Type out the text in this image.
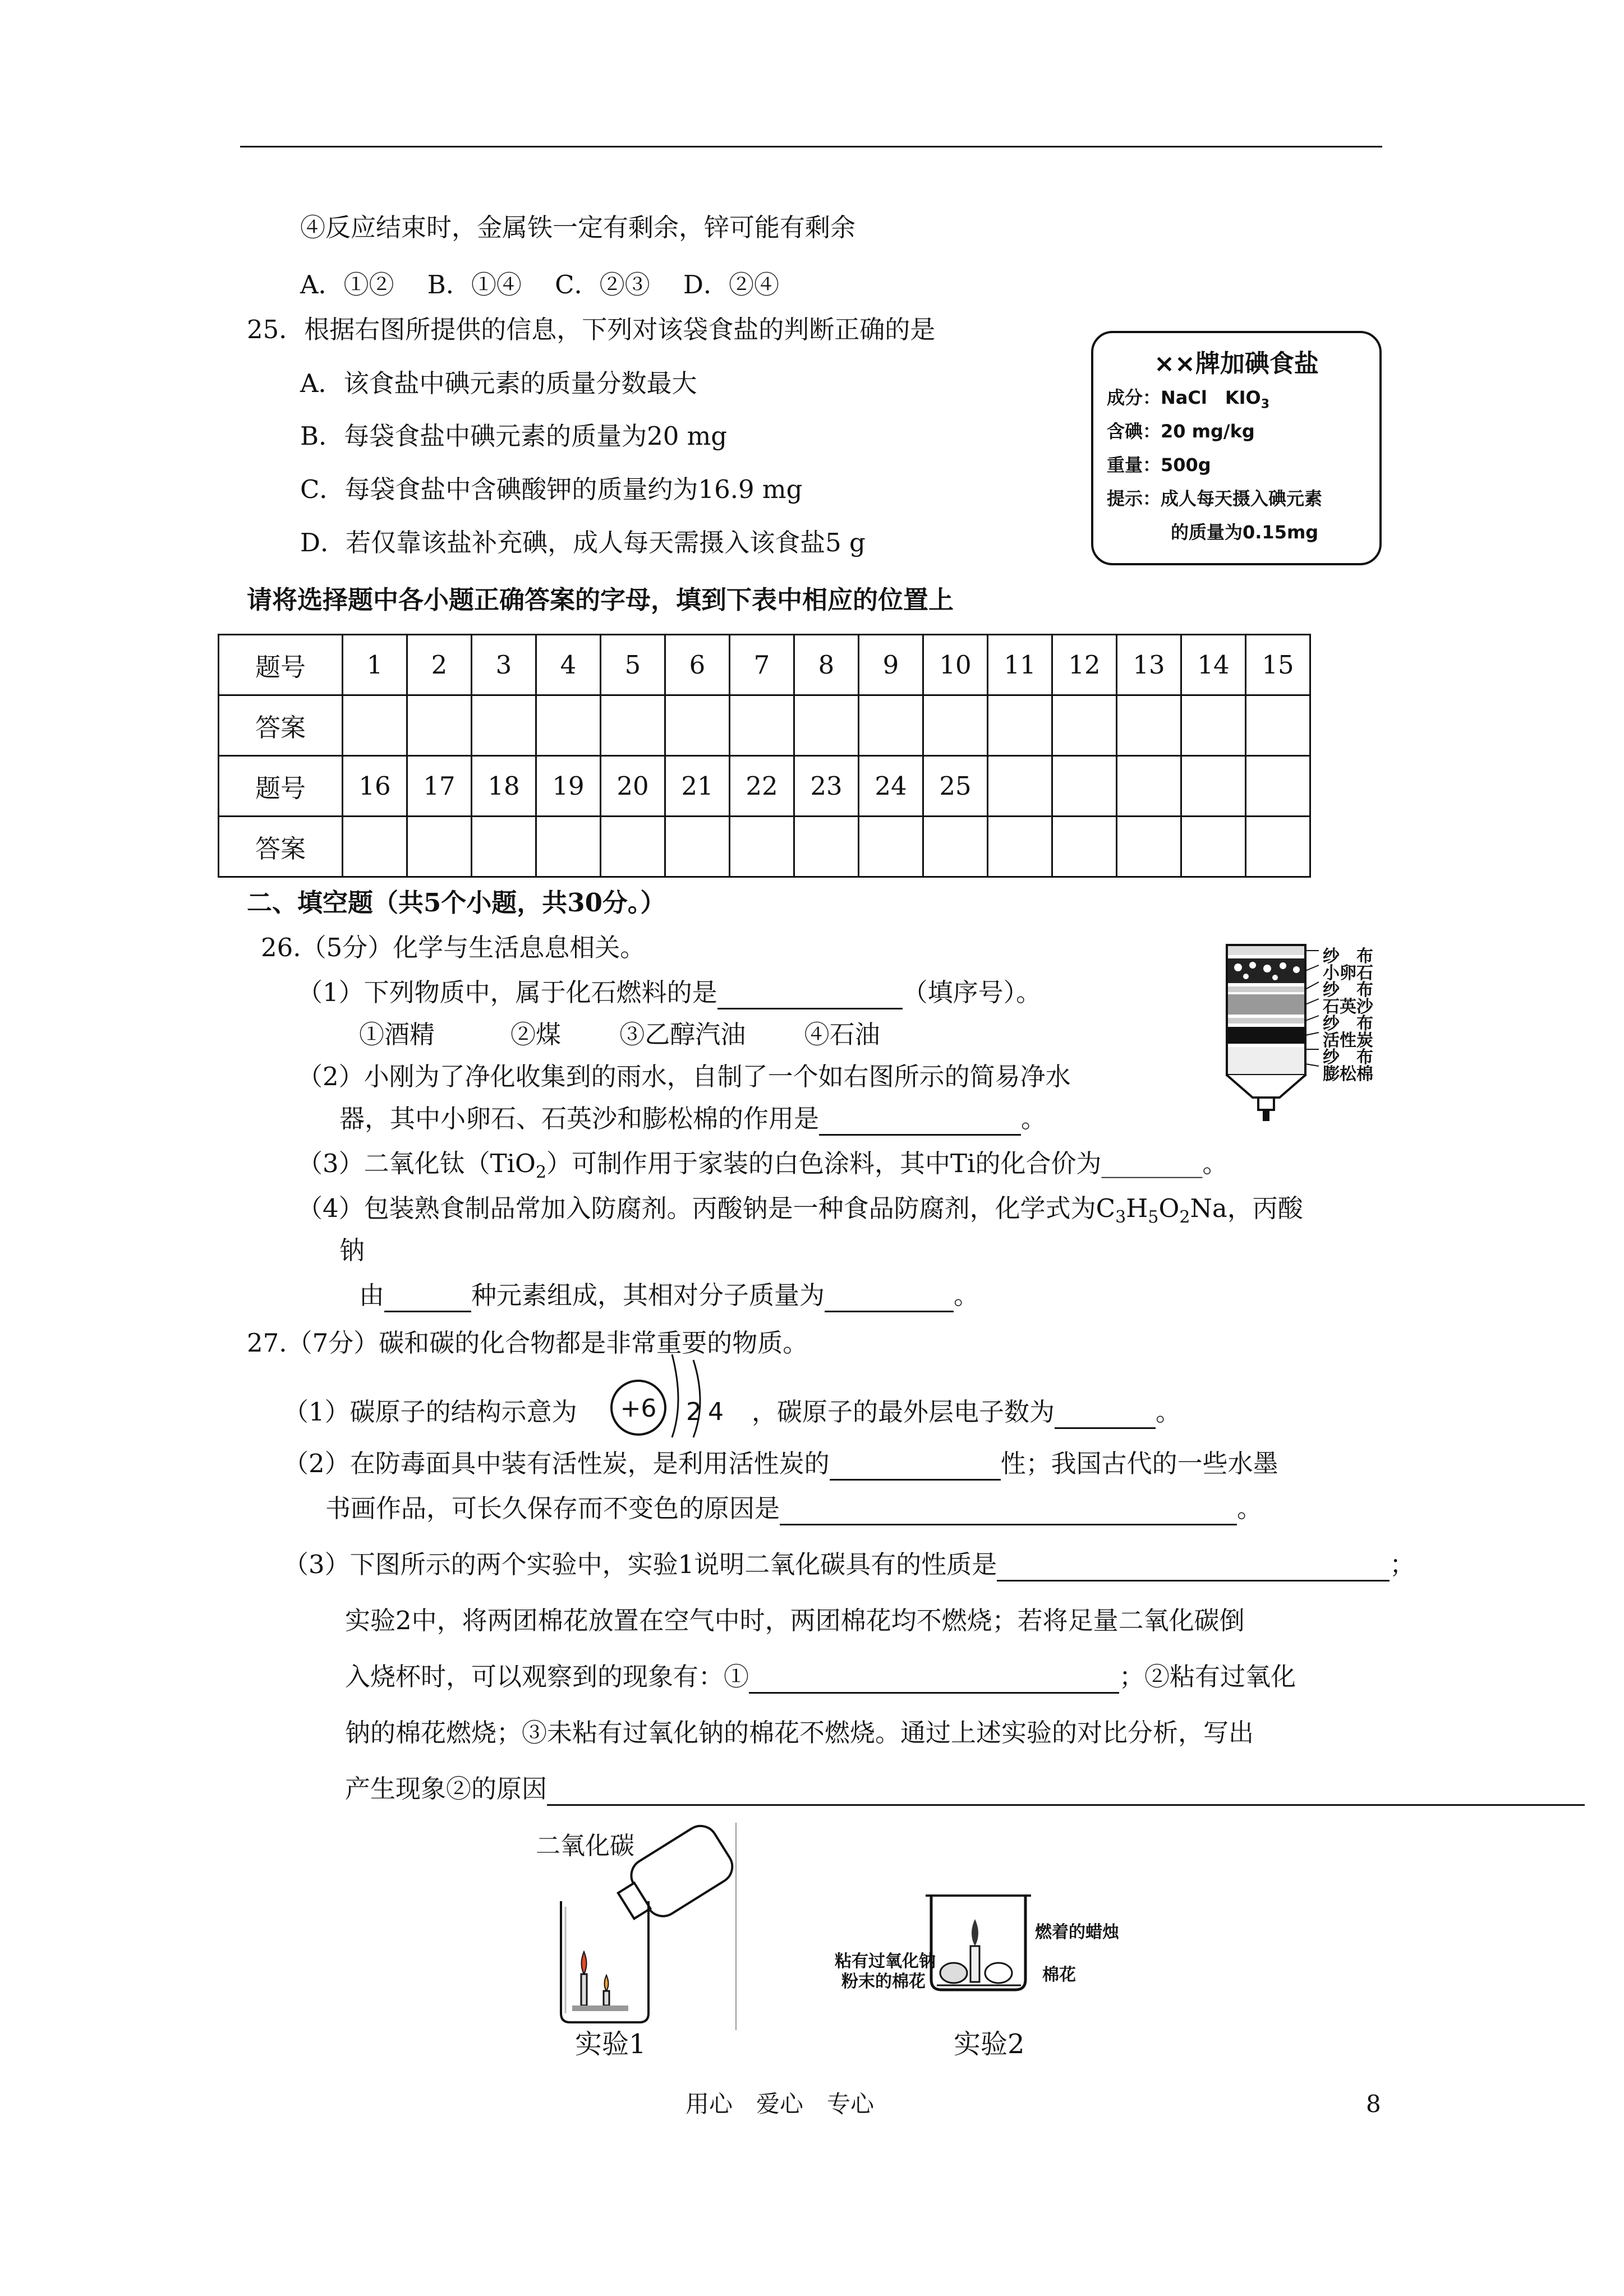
④反应结束时，金属铁一定有剩余，锌可能有剩余
A．①②　 B．①④　 C．②③　 D．②④
25．根据右图所提供的信息，下列对该袋食盐的判断正确的是
A．该食盐中碘元素的质量分数最大
B．每袋食盐中碘元素的质量为20 mg
C．每袋食盐中含碘酸钾的质量约为16.9 mg
D．若仅靠该盐补充碘，成人每天需摄入该食盐5 g
××牌加碘食盐
成分：NaCl　$KIO_3$
含碘：20 mg/kg
重量：500g
提示：成人每天摄入碘元素
的质量为0.15mg
请将选择题中各小题正确答案的字母，填到下表中相应的位置上
题号	1	2	3	4	5	6	7	8	9	10	11	12	13	14	15
答案															
题号	16	17	18	19	20	21	22	23	24	25					
答案															
二、填空题（共5个小题，共30分。）
26.（5分）化学与生活息息相关。
（1）下列物质中，属于化石燃料的是	（填序号）。
①酒精　　　②煤　　 ③乙醇汽油　　 ④石油
（2）小刚为了净化收集到的雨水，自制了一个如右图所示的简易净水
器，其中小卵石、石英沙和膨松棉的作用是	。
（3）二氧化钛（TiO$_2$）可制作用于家装的白色涂料，其中Ti的化合价为________。
（4）包装熟食制品常加入防腐剂。丙酸钠是一种食品防腐剂，化学式为$C_3H_5O_2Na$，丙酸
钠
由	种元素组成，其相对分子质量为	。
纱　布
小卵石
纱　布
石英沙
纱　布
活性炭
纱　布
膨松棉
27.（7分）碳和碳的化合物都是非常重要的物质。
（1）碳原子的结构示意为 +6 2 4 ，碳原子的最外层电子数为	。
（2）在防毒面具中装有活性炭，是利用活性炭的	性；我国古代的一些水墨
书画作品，可长久保存而不变色的原因是	。
（3）下图所示的两个实验中，实验1说明二氧化碳具有的性质是	；
实验2中，将两团棉花放置在空气中时，两团棉花均不燃烧；若将足量二氧化碳倒
入烧杯时，可以观察到的现象有：①	；②粘有过氧化
钠的棉花燃烧；③未粘有过氧化钠的棉花不燃烧。通过上述实验的对比分析，写出
产生现象②的原因
二氧化碳
实验1
燃着的蜡烛
粘有过氧化钠
粉末的棉花	棉花
实验2
用心　爱心　专心	8
